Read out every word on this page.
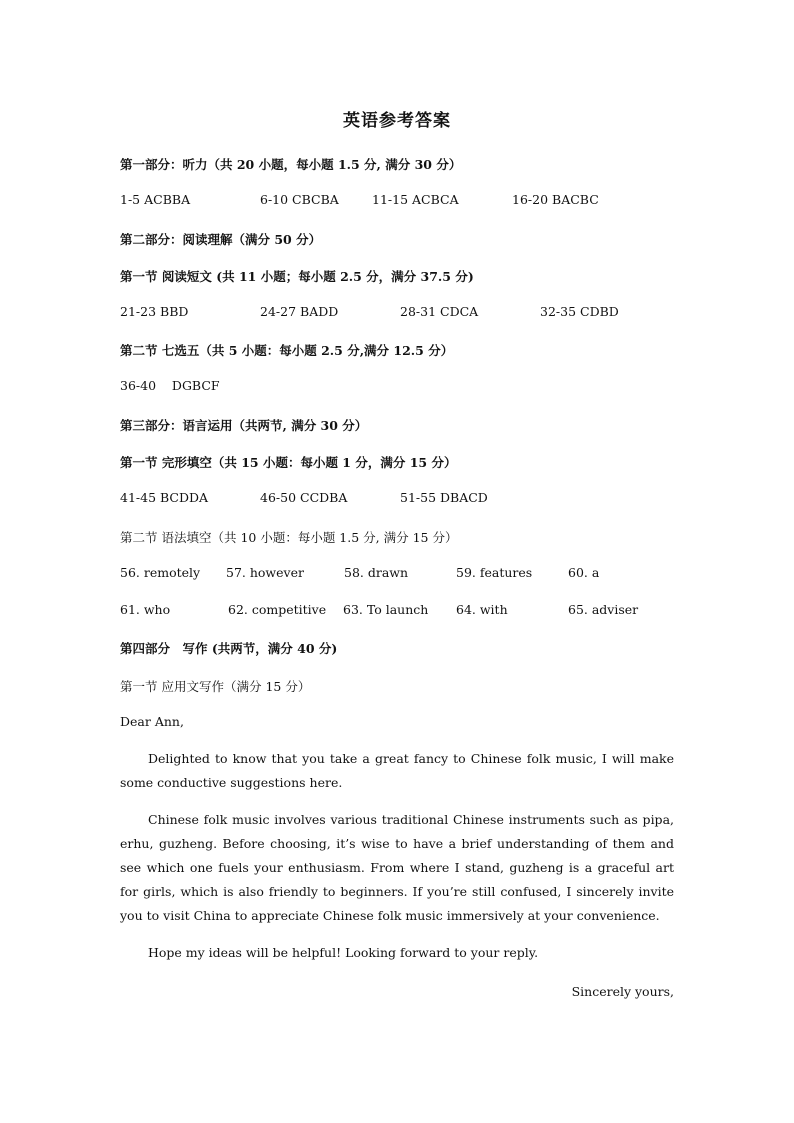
英语参考答案
第一部分：听力（共 20 小题，每小题 1.5 分, 满分 30 分）
1-5 ACBBA	6-10 CBCBA	11-15 ACBCA	16-20 BACBC
第二部分：阅读理解（满分 50 分）
第一节 阅读短文 (共 11 小题；每小题 2.5 分，满分 37.5 分)
21-23 BBD	24-27 BADD	28-31 CDCA	32-35 CDBD
第二节 七选五（共 5 小题：每小题 2.5 分,满分 12.5 分）
36-40    DGBCF
第三部分：语言运用（共两节, 满分 30 分）
第一节 完形填空（共 15 小题：每小题 1 分，满分 15 分）
41-45 BCDDA	46-50 CCDBA	51-55 DBACD
第二节 语法填空（共 10 小题：每小题 1.5 分, 满分 15 分）
56. remotely 57. however	58. drawn	59. features	60. a
61. who	62. competitive 63. To launch 64. with	65. adviser
第四部分　写作 (共两节，满分 40 分)
第一节 应用文写作（满分 15 分）
Dear Ann,
Delighted to know that you take a great fancy to Chinese folk music, I will make some conductive suggestions here.
Chinese folk music involves various traditional Chinese instruments such as pipa, erhu, guzheng. Before choosing, it’s wise to have a brief understanding of them and see which one fuels your enthusiasm. From where I stand, guzheng is a graceful art for girls, which is also friendly to beginners. If you’re still confused, I sincerely invite you to visit China to appreciate Chinese folk music immersively at your convenience.
Hope my ideas will be helpful! Looking forward to your reply.
Sincerely yours,
